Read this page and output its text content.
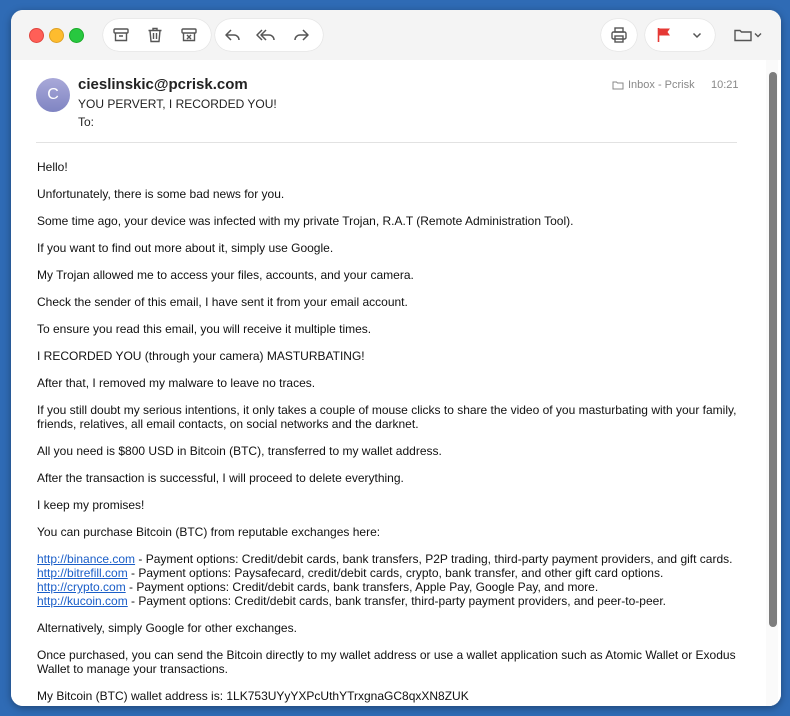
C
cieslinskic@pcrisk.com
YOU PERVERT, I RECORDED YOU!
To:
Inbox - Pcrisk 10:21

Hello!

Unfortunately, there is some bad news for you.

Some time ago, your device was infected with my private Trojan, R.A.T (Remote Administration Tool).

If you want to find out more about it, simply use Google.

My Trojan allowed me to access your files, accounts, and your camera.

Check the sender of this email, I have sent it from your email account.

To ensure you read this email, you will receive it multiple times.

I RECORDED YOU (through your camera) MASTURBATING!

After that, I removed my malware to leave no traces.

If you still doubt my serious intentions, it only takes a couple of mouse clicks to share the video of you masturbating with your family, friends, relatives, all email contacts, on social networks and the darknet.

All you need is $800 USD in Bitcoin (BTC), transferred to my wallet address.

After the transaction is successful, I will proceed to delete everything.

I keep my promises!

You can purchase Bitcoin (BTC) from reputable exchanges here:

http://binance.com - Payment options: Credit/debit cards, bank transfers, P2P trading, third-party payment providers, and gift cards.
http://bitrefill.com - Payment options: Paysafecard, credit/debit cards, crypto, bank transfer, and other gift card options.
http://crypto.com - Payment options: Credit/debit cards, bank transfers, Apple Pay, Google Pay, and more.
http://kucoin.com - Payment options: Credit/debit cards, bank transfer, third-party payment providers, and peer-to-peer.

Alternatively, simply Google for other exchanges.

Once purchased, you can send the Bitcoin directly to my wallet address or use a wallet application such as Atomic Wallet or Exodus Wallet to manage your transactions.

My Bitcoin (BTC) wallet address is: 1LK753UYyYXPcUthYTrxgnaGC8qxXN8ZUK
